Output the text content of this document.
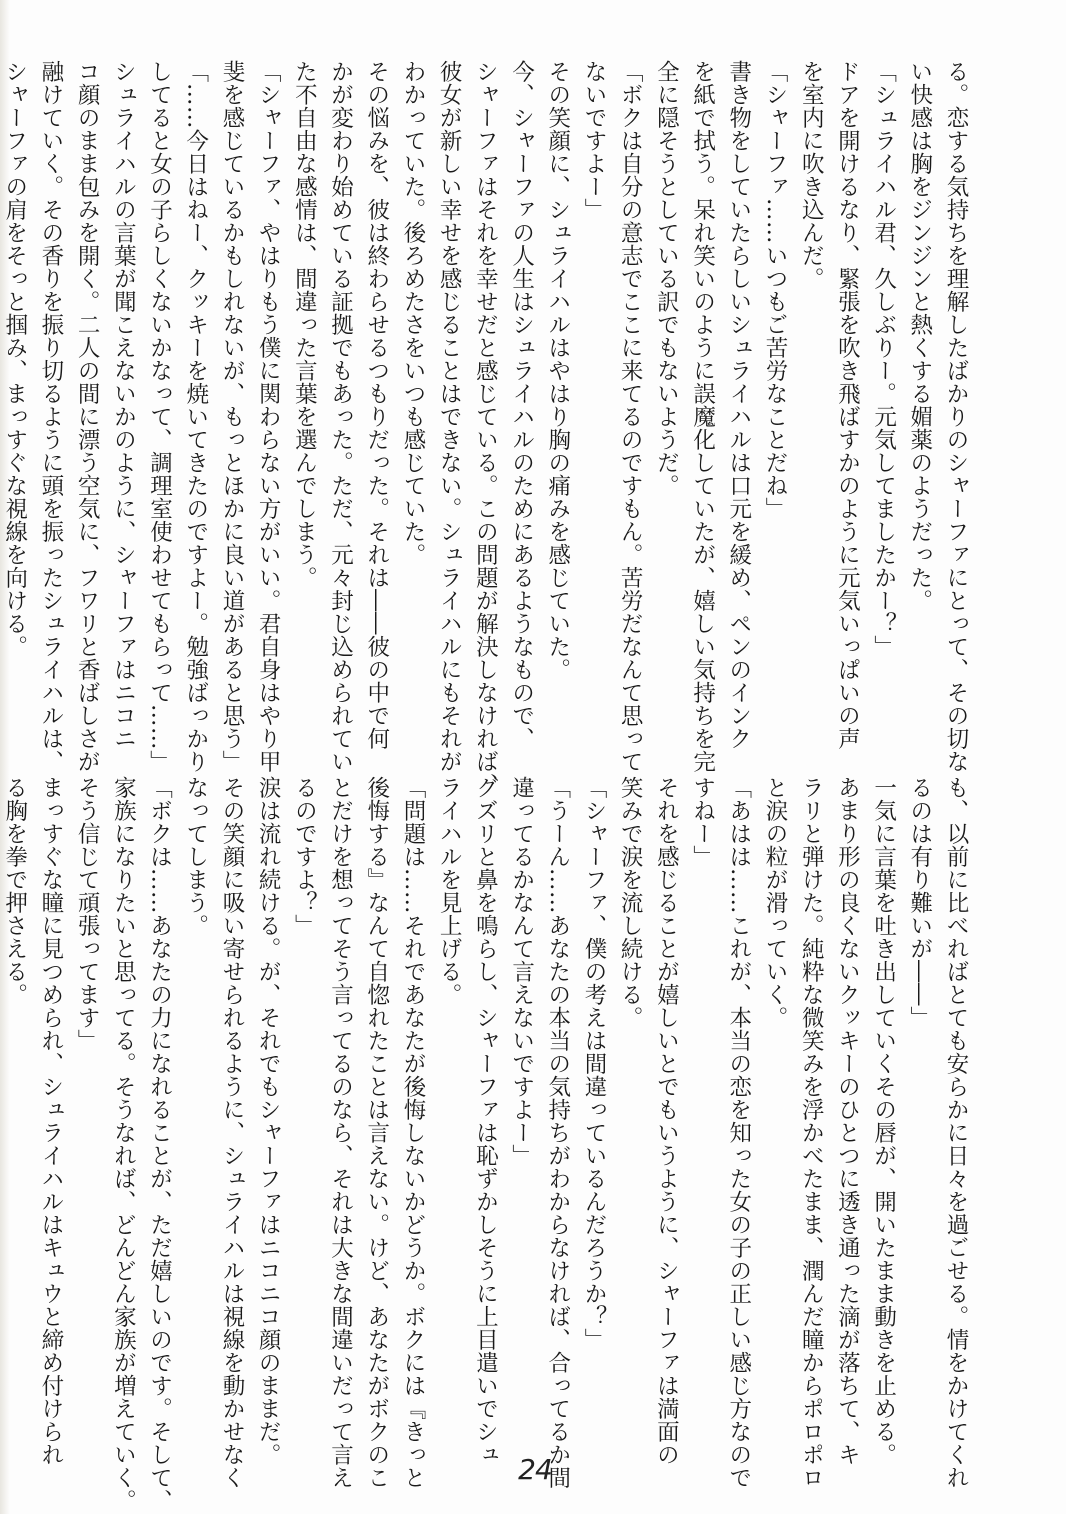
る。恋する気持ちを理解したばかりのシャーファにとって、その切な
い快感は胸をジンジンと熱くする媚薬のようだった。
「シュライハル君、久しぶりー。元気してましたかー？」
ドアを開けるなり、緊張を吹き飛ばすかのように元気いっぱいの声
を室内に吹き込んだ。
「シャーファ……いつもご苦労なことだね」
書き物をしていたらしいシュライハルは口元を緩め、ペンのインク
を紙で拭う。呆れ笑いのように誤魔化していたが、嬉しい気持ちを完
全に隠そうとしている訳でもないようだ。
「ボクは自分の意志でここに来てるのですもん。苦労だなんて思って
ないですよー」
その笑顔に、シュライハルはやはり胸の痛みを感じていた。
今、シャーファの人生はシュライハルのためにあるようなもので、
シャーファはそれを幸せだと感じている。この問題が解決しなければ、
彼女が新しい幸せを感じることはできない。シュライハルにもそれが
わかっていた。後ろめたさをいつも感じていた。
その悩みを、彼は終わらせるつもりだった。それは――彼の中で何
かが変わり始めている証拠でもあった。ただ、元々封じ込められてい
た不自由な感情は、間違った言葉を選んでしまう。
「シャーファ、やはりもう僕に関わらない方がいい。君自身はやり甲
斐を感じているかもしれないが、もっとほかに良い道があると思う」
「……今日はねー、クッキーを焼いてきたのですよー。勉強ばっかり
してると女の子らしくないかなって、調理室使わせてもらって……」
シュライハルの言葉が聞こえないかのように、シャーファはニコニ
コ顔のまま包みを開く。二人の間に漂う空気に、フワリと香ばしさが
融けていく。その香りを振り切るように頭を振ったシュライハルは、
シャーファの肩をそっと掴み、まっすぐな視線を向ける。
も、以前に比べればとても安らかに日々を過ごせる。情をかけてくれ
るのは有り難いが――」
一気に言葉を吐き出していくその唇が、開いたまま動きを止める。
あまり形の良くないクッキーのひとつに透き通った滴が落ちて、キ
ラリと弾けた。純粋な微笑みを浮かべたまま、潤んだ瞳からポロポロ
と涙の粒が滑っていく。
「あはは……これが、本当の恋を知った女の子の正しい感じ方なので
すねー」
それを感じることが嬉しいとでもいうように、シャーファは満面の
笑みで涙を流し続ける。
「シャーファ、僕の考えは間違っているんだろうか？」
「うーん……あなたの本当の気持ちがわからなければ、合ってるか間
違ってるかなんて言えないですよー」
グズリと鼻を鳴らし、シャーファは恥ずかしそうに上目遣いでシュ
ライハルを見上げる。
「問題は……それであなたが後悔しないかどうか。ボクには『きっと
後悔する』なんて自惚れたことは言えない。けど、あなたがボクのこ
とだけを想ってそう言ってるのなら、それは大きな間違いだって言え
るのですよ？」
涙は流れ続ける。が、それでもシャーファはニコニコ顔のままだ。
その笑顔に吸い寄せられるように、シュライハルは視線を動かせなく
なってしまう。
「ボクは……あなたの力になれることが、ただ嬉しいのです。そして、
家族になりたいと思ってる。そうなれば、どんどん家族が増えていく。
そう信じて頑張ってます」
まっすぐな瞳に見つめられ、シュライハルはキュウと締め付けられ
る胸を拳で押さえる。
24
